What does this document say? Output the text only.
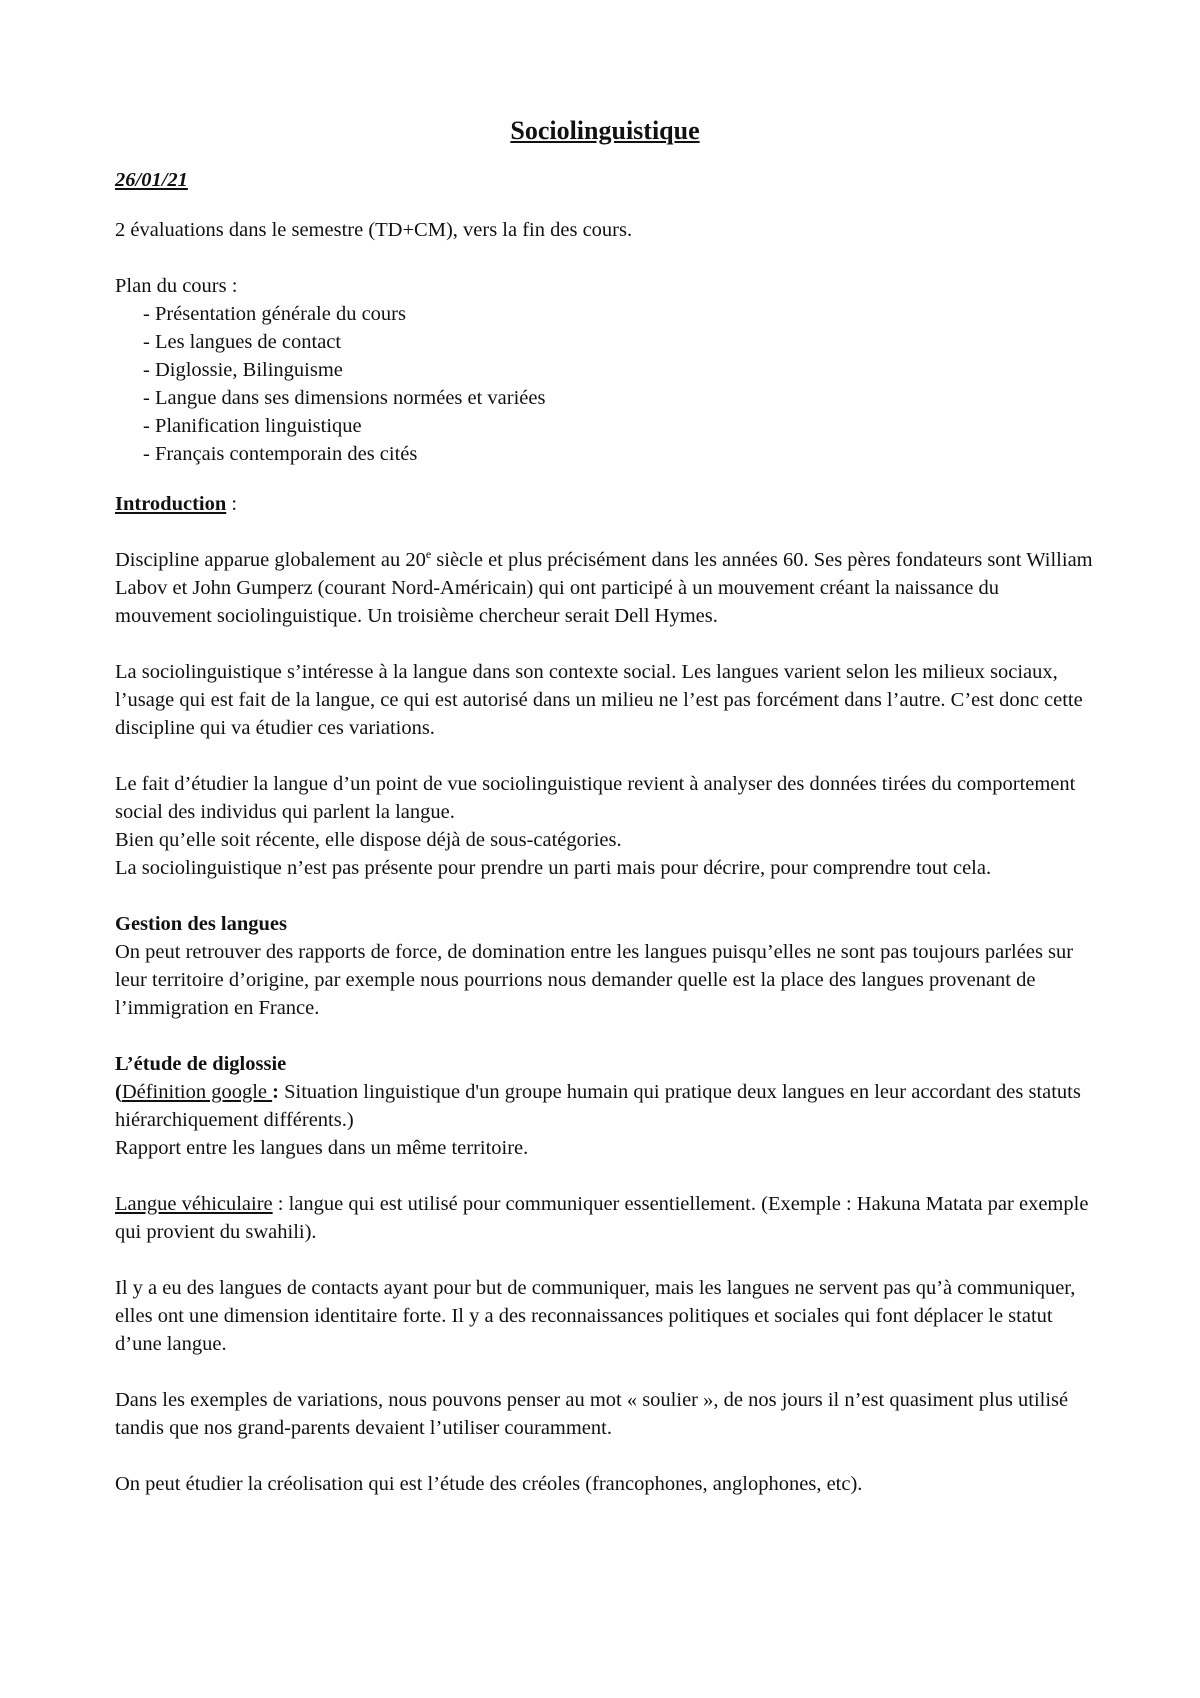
Sociolinguistique
26/01/21

2 évaluations dans le semestre (TD+CM), vers la fin des cours.

Plan du cours :
- Présentation générale du cours
- Les langues de contact
- Diglossie, Bilinguisme
- Langue dans ses dimensions normées et variées
- Planification linguistique
- Français contemporain des cités

Introduction :

Discipline apparue globalement au 20e siècle et plus précisément dans les années 60. Ses pères fondateurs sont William Labov et John Gumperz (courant Nord-Américain) qui ont participé à un mouvement créant la naissance du mouvement sociolinguistique. Un troisième chercheur serait Dell Hymes.

La sociolinguistique s’intéresse à la langue dans son contexte social. Les langues varient selon les milieux sociaux, l’usage qui est fait de la langue, ce qui est autorisé dans un milieu ne l’est pas forcément dans l’autre. C’est donc cette discipline qui va étudier ces variations.

Le fait d’étudier la langue d’un point de vue sociolinguistique revient à analyser des données tirées du comportement social des individus qui parlent la langue.
Bien qu’elle soit récente, elle dispose déjà de sous-catégories.
La sociolinguistique n’est pas présente pour prendre un parti mais pour décrire, pour comprendre tout cela.

Gestion des langues

On peut retrouver des rapports de force, de domination entre les langues puisqu’elles ne sont pas toujours parlées sur leur territoire d’origine, par exemple nous pourrions nous demander quelle est la place des langues provenant de l’immigration en France.

L’étude de diglossie
(Définition google : Situation linguistique d'un groupe humain qui pratique deux langues en leur accordant des statuts hiérarchiquement différents.)

Rapport entre les langues dans un même territoire.

Langue véhiculaire : langue qui est utilisé pour communiquer essentiellement. (Exemple : Hakuna Matata par exemple qui provient du swahili).

Il y a eu des langues de contacts ayant pour but de communiquer, mais les langues ne servent pas qu’à communiquer, elles ont une dimension identitaire forte. Il y a des reconnaissances politiques et sociales qui font déplacer le statut d’une langue.

Dans les exemples de variations, nous pouvons penser au mot « soulier », de nos jours il n’est quasiment plus utilisé tandis que nos grand-parents devaient l’utiliser couramment.

On peut étudier la créolisation qui est l’étude des créoles (francophones, anglophones, etc).
